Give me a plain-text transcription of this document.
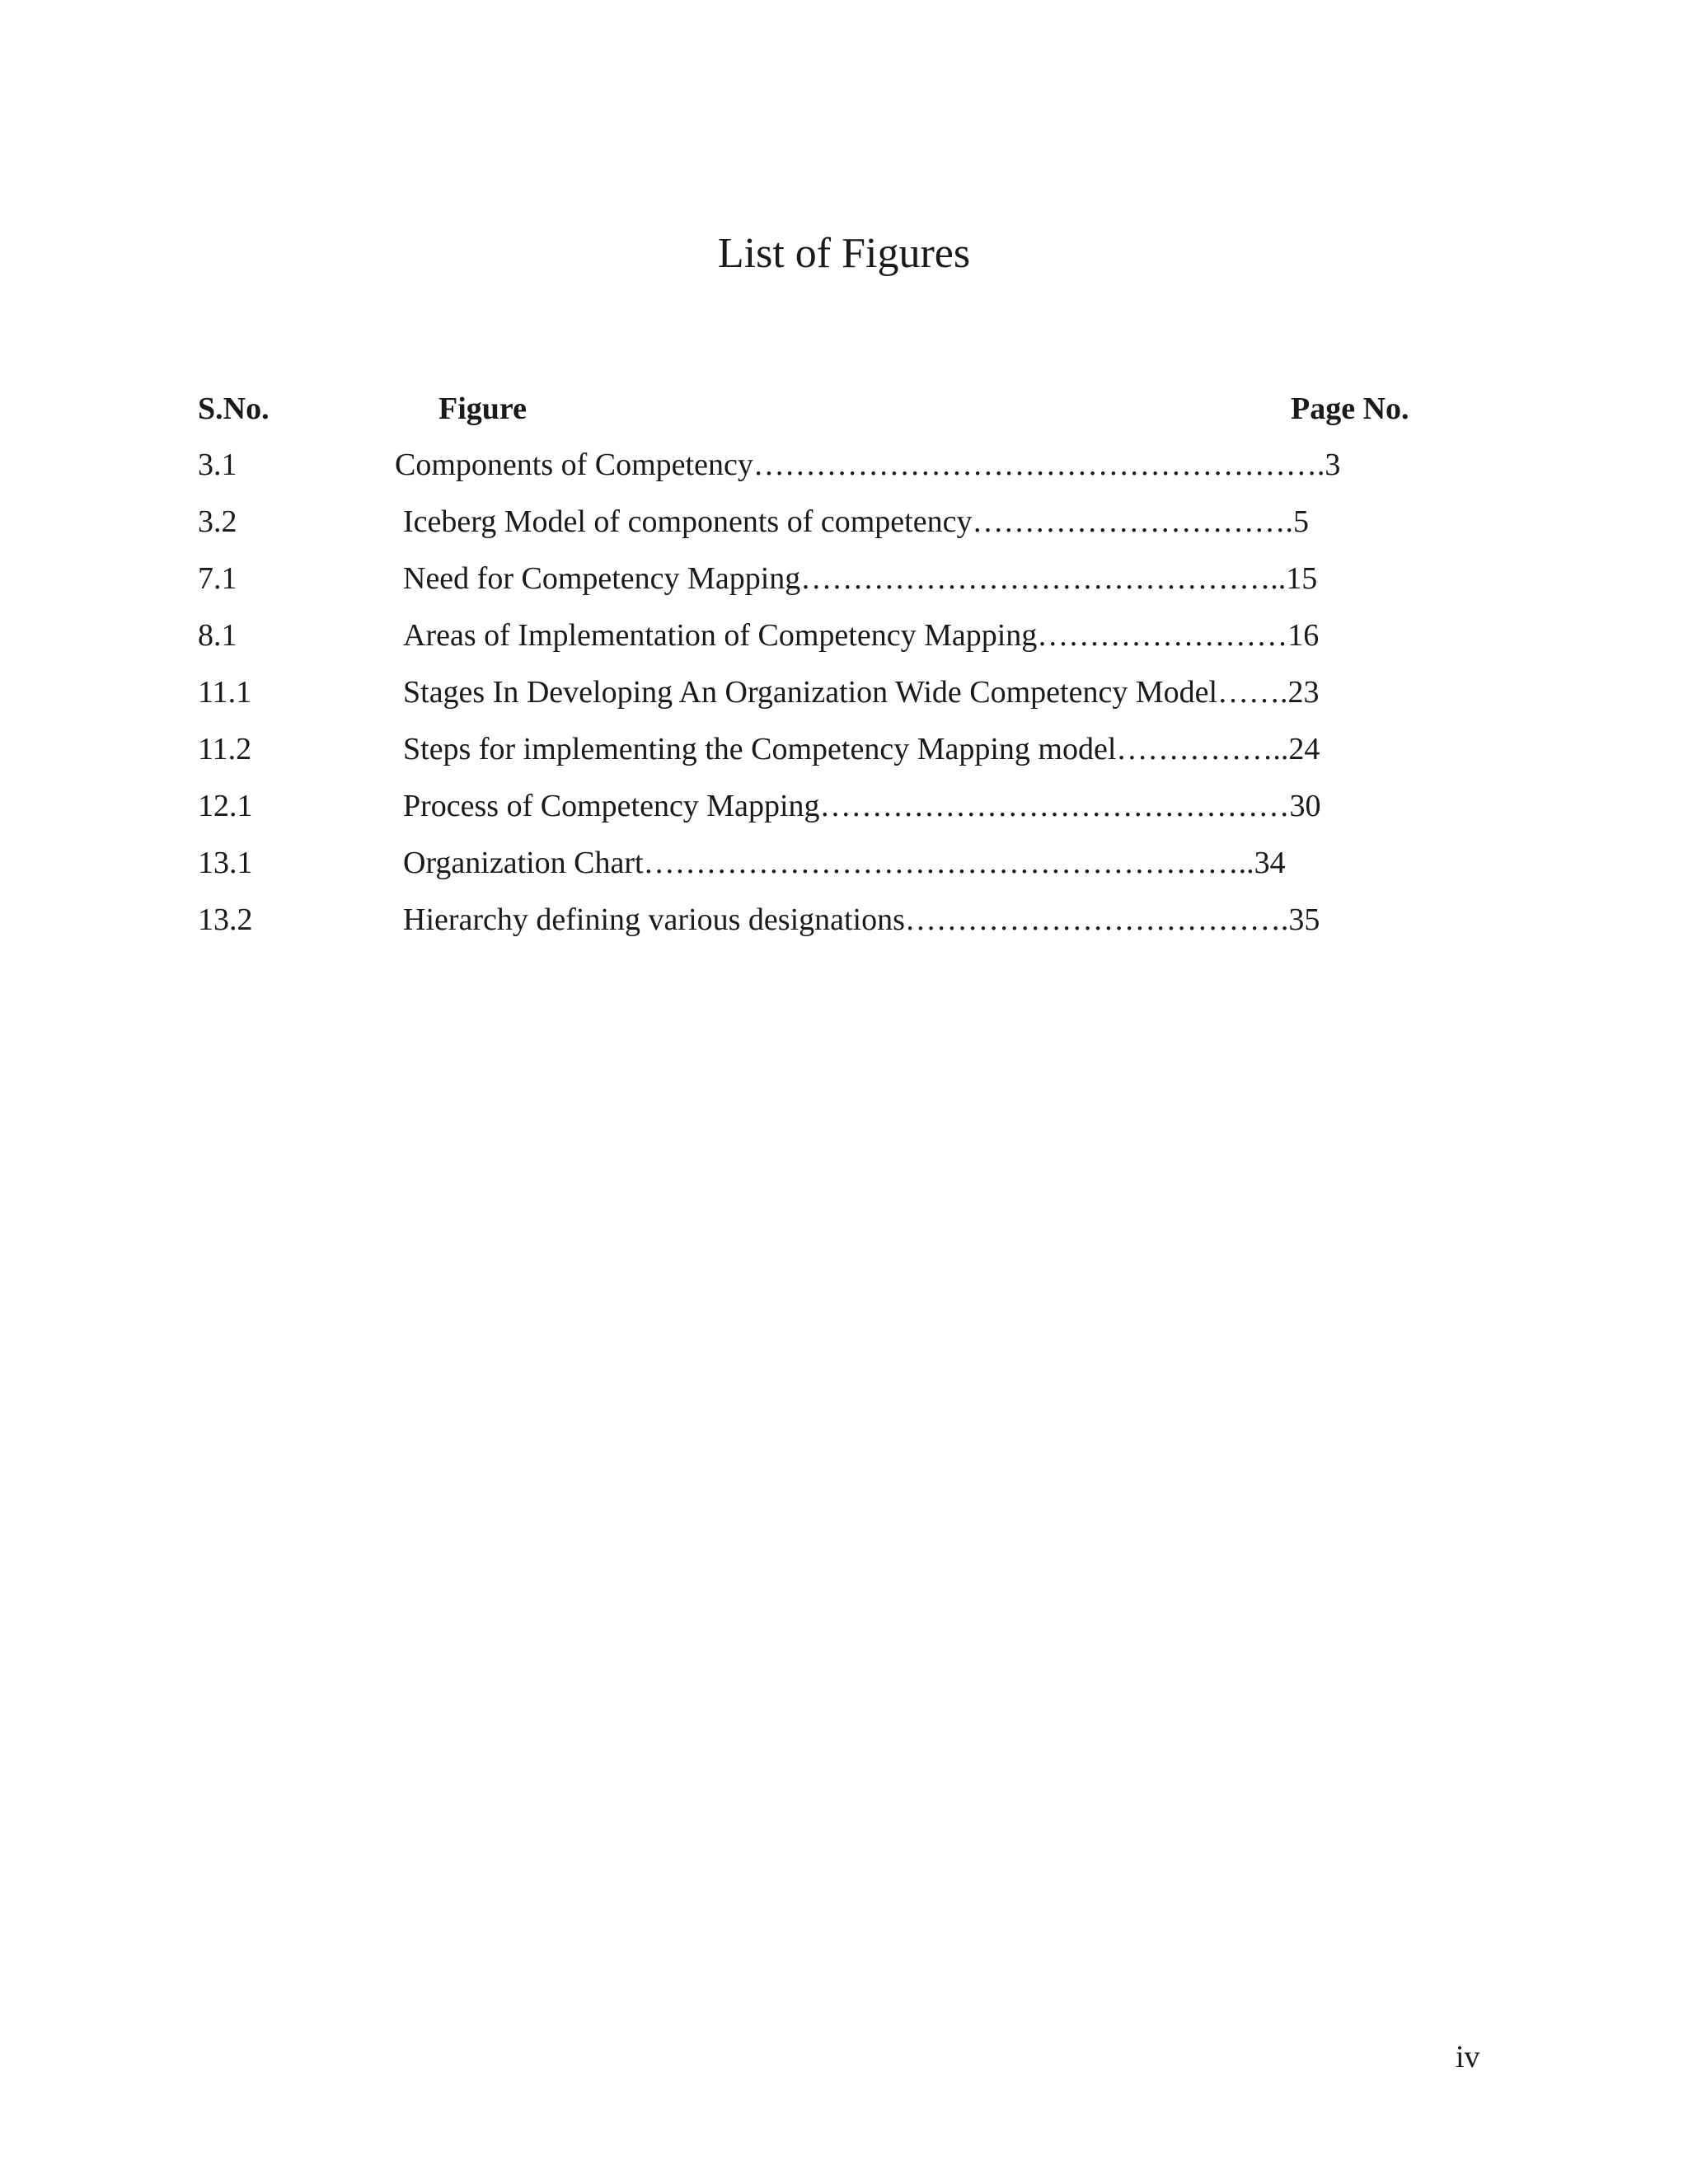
List of Figures
S.No.	Figure	Page No.
3.1	Components of Competency……………………………………………….3
3.2	Iceberg Model of components of competency………………………….5
7.1	Need for Competency Mapping………………………………………..15
8.1	Areas of Implementation of Competency Mapping……………………16
11.1	Stages In Developing An Organization Wide Competency Model…….23
11.2	Steps for implementing the Competency Mapping model……………..24
12.1	Process of Competency Mapping………………………………………30
13.1	Organization Chart…………………………………………………..34
13.2	Hierarchy defining various designations……………………………….35
iv
